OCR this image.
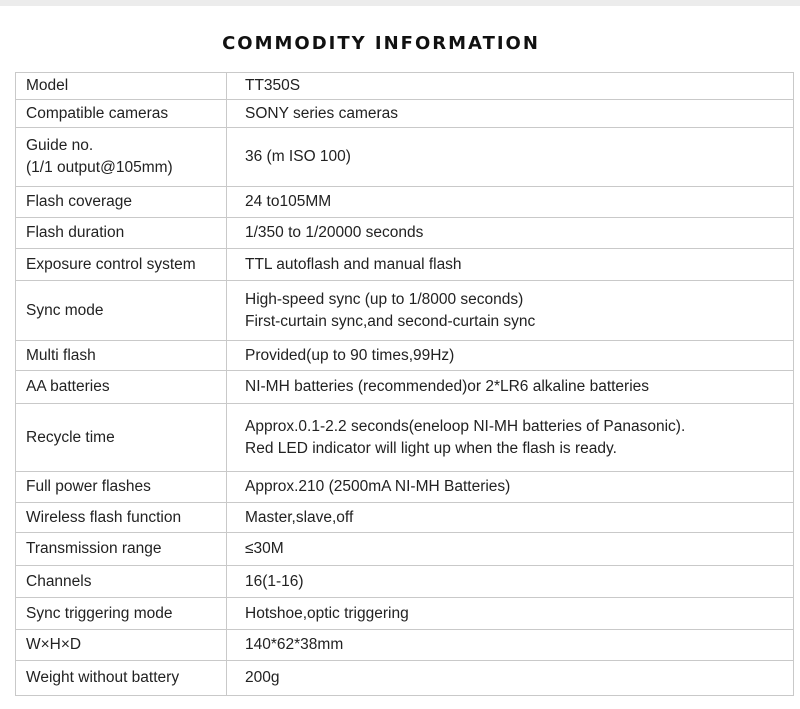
COMMODITY INFORMATION
Model	TT350S

Compatible cameras	SONY series cameras

Guide no.
(1/1 output@105mm)	36 (m ISO 100)

Flash coverage	24 to105MM

Flash duration	1/350 to 1/20000 seconds

Exposure control system	TTL autoflash and manual flash

Sync mode	High-speed sync (up to 1/8000 seconds)
First-curtain sync,and second-curtain sync

Multi flash	Provided(up to 90 times,99Hz)

AA batteries	NI-MH batteries (recommended)or 2*LR6 alkaline batteries

Recycle time	Approx.0.1-2.2 seconds(eneloop NI-MH batteries of Panasonic).
Red LED indicator will light up when the flash is ready.

Full power flashes	Approx.210 (2500mA NI-MH Batteries)

Wireless flash function	Master,slave,off

Transmission range	≤30M

Channels	16(1-16)

Sync triggering mode	Hotshoe,optic triggering

W×H×D	140*62*38mm

Weight without battery	200g
